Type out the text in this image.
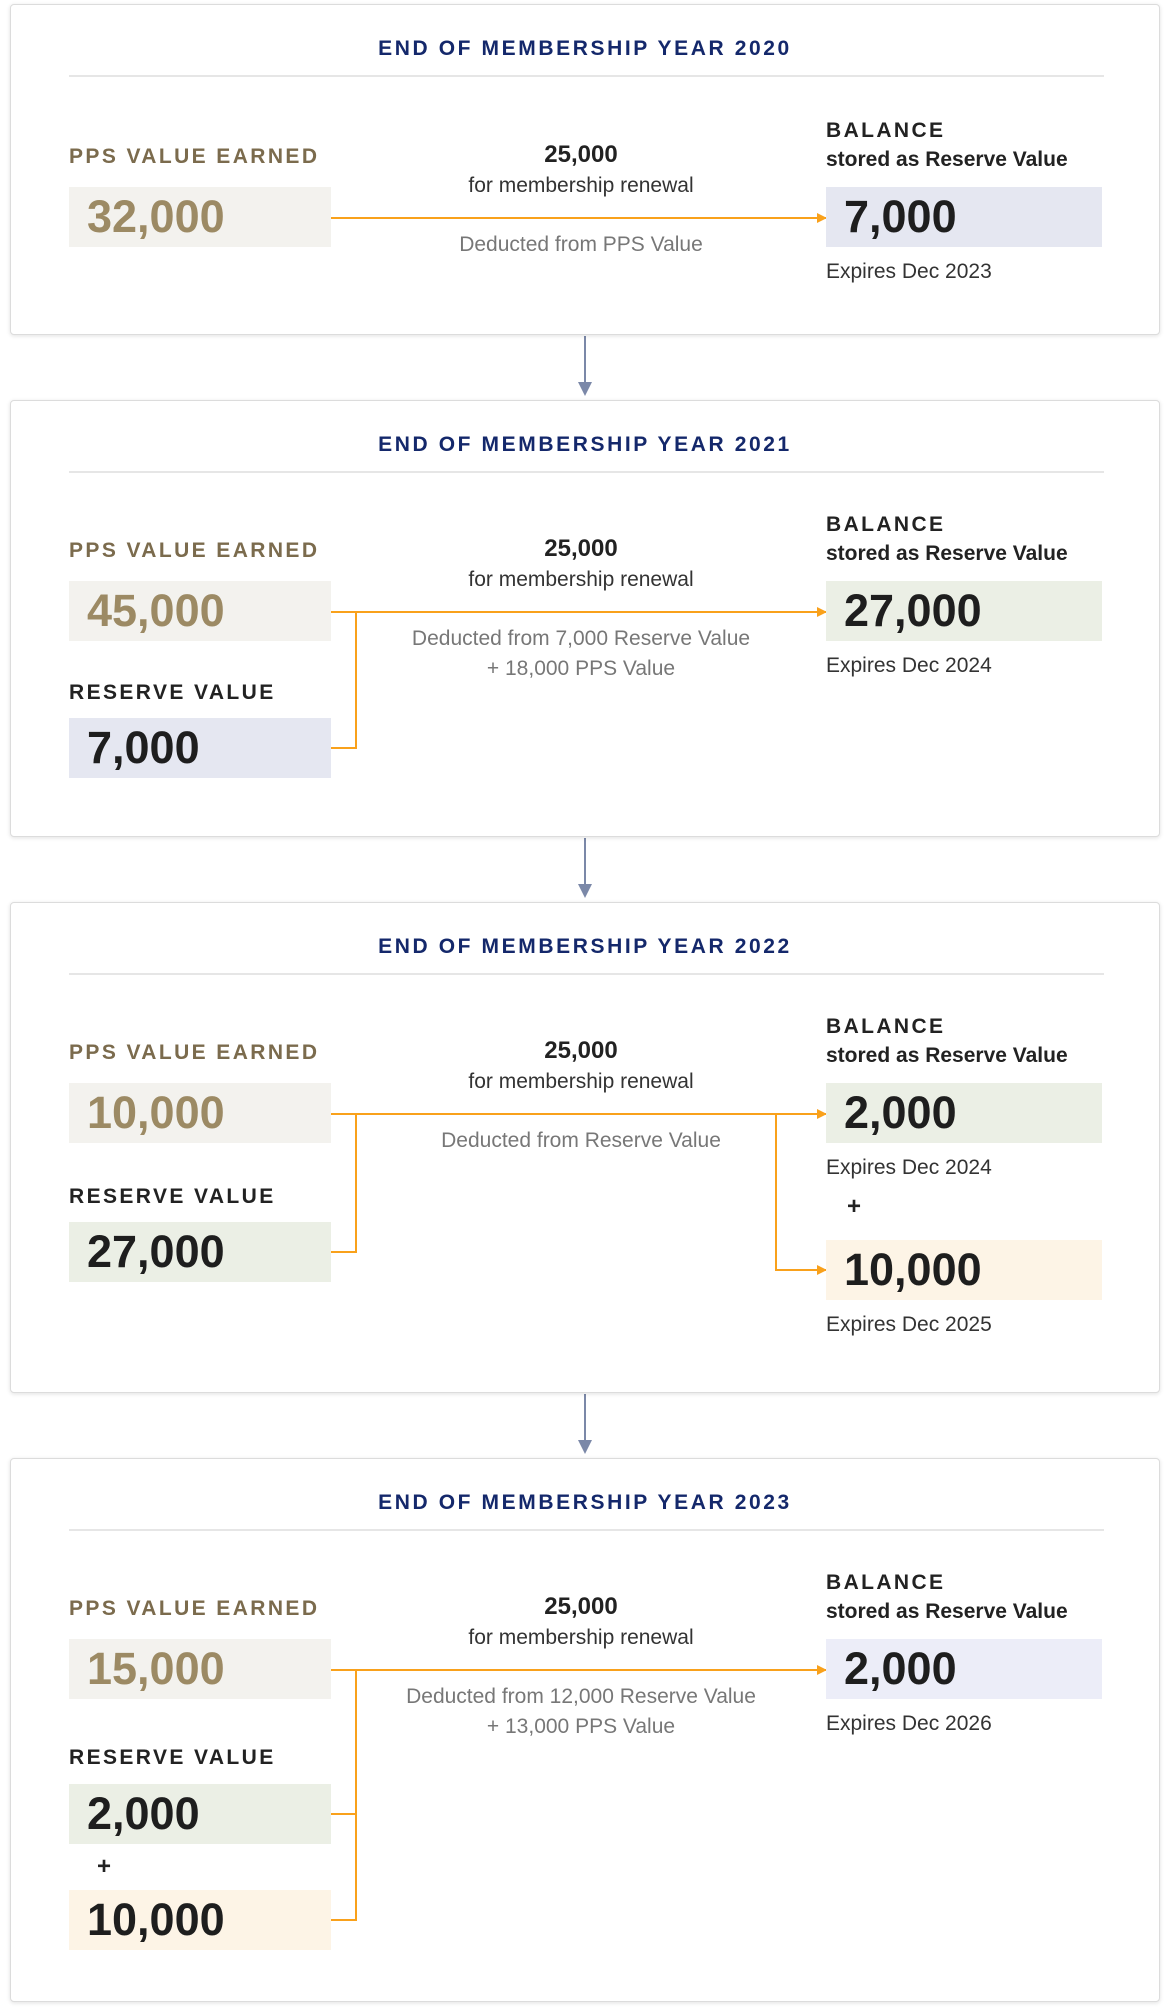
END OF MEMBERSHIP YEAR 2020
PPS VALUE EARNED
32,000
25,000
for membership renewal
Deducted from PPS Value
BALANCE
stored as Reserve Value
7,000
Expires Dec 2023
END OF MEMBERSHIP YEAR 2021
PPS VALUE EARNED
45,000
RESERVE VALUE
7,000
25,000
for membership renewal
Deducted from 7,000 Reserve Value
+ 18,000 PPS Value
BALANCE
stored as Reserve Value
27,000
Expires Dec 2024
END OF MEMBERSHIP YEAR 2022
PPS VALUE EARNED
10,000
RESERVE VALUE
27,000
25,000
for membership renewal
Deducted from Reserve Value
BALANCE
stored as Reserve Value
2,000
Expires Dec 2024
+
10,000
Expires Dec 2025
END OF MEMBERSHIP YEAR 2023
PPS VALUE EARNED
15,000
RESERVE VALUE
2,000
+
10,000
25,000
for membership renewal
Deducted from 12,000 Reserve Value
+ 13,000 PPS Value
BALANCE
stored as Reserve Value
2,000
Expires Dec 2026
